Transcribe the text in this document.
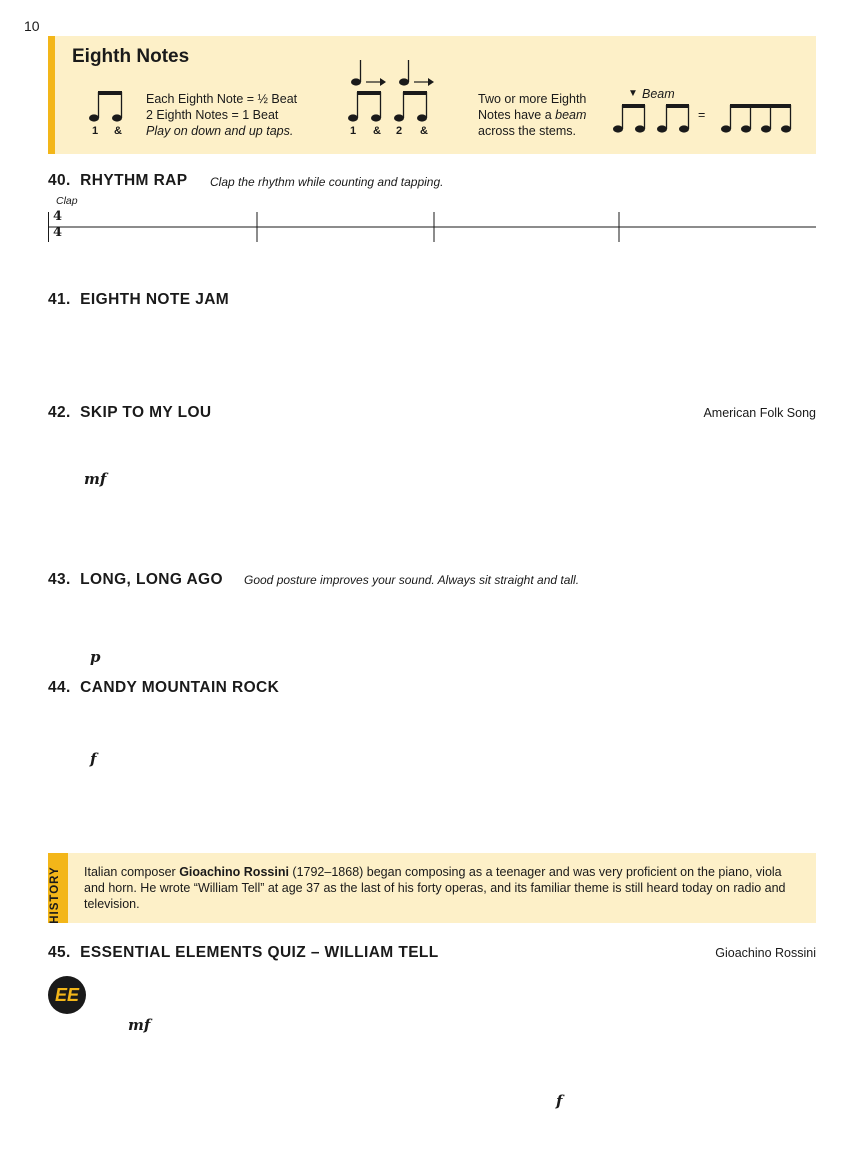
10
Eighth Notes
1 &
Each Eighth Note = ½ Beat
2 Eighth Notes = 1 Beat
Play on down and up taps.	1 & 2 &
Two or more Eighth
Notes have a beam
across the stems.
▼ Beam
=
40. RHYTHM RAP Clap the rhythm while counting and tapping.
Clap
4
4
41. EIGHTH NOTE JAM
42. SKIP TO MY LOU	American Folk Song
mf
43. LONG, LONG AGO Good posture improves your sound. Always sit straight and tall.
p
44. CANDY MOUNTAIN ROCK
f
HISTORY Italian composer Gioachino Rossini (1792–1868) began composing as a teenager and was very proficient on the piano, viola and horn. He wrote “William Tell” at age 37 as the last of his forty operas, and its familiar theme is still heard today on radio and television.
45. ESSENTIAL ELEMENTS QUIZ – WILLIAM TELL	Gioachino Rossini
EE
mf
f
